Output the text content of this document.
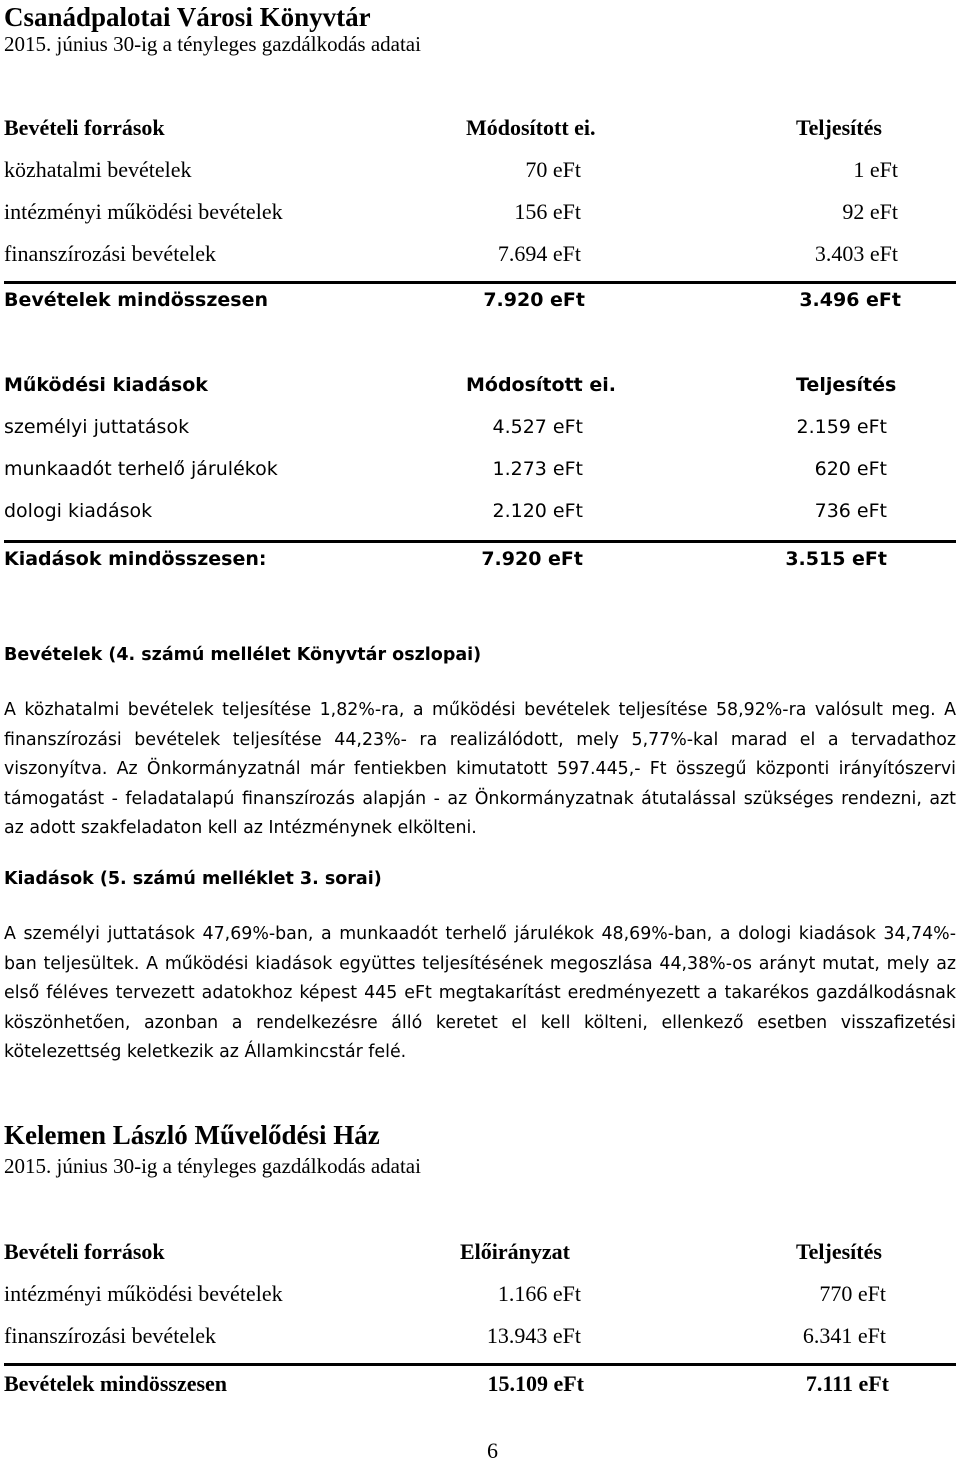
Csanádpalotai Városi Könyvtár
2015. június 30-ig a tényleges gazdálkodás adatai
Bevételi források	Módosított ei.	Teljesítés
közhatalmi bevételek	70 eFt	1 eFt
intézményi működési bevételek	156 eFt	92 eFt
finanszírozási bevételek	7.694 eFt	3.403 eFt
Bevételek mindösszesen	7.920 eFt	3.496 eFt
Működési kiadások	Módosított ei.	Teljesítés
személyi juttatások	4.527 eFt	2.159 eFt
munkaadót terhelő járulékok	1.273 eFt	620 eFt
dologi kiadások	2.120 eFt	736 eFt
Kiadások mindösszesen:	7.920 eFt	3.515 eFt
Bevételek (4. számú mellélet Könyvtár oszlopai)

A közhatalmi bevételek teljesítése 1,82%-ra, a működési bevételek teljesítése 58,92%-ra valósult meg. A finanszírozási bevételek teljesítése 44,23%- ra realizálódott, mely 5,77%-kal marad el a tervadathoz viszonyítva. Az Önkormányzatnál már fentiekben kimutatott 597.445,- Ft összegű központi irányítószervi támogatást - feladatalapú finanszírozás alapján - az Önkormányzatnak átutalással szükséges rendezni, azt az adott szakfeladaton kell az Intézménynek elkölteni.

Kiadások (5. számú melléklet 3. sorai)

A személyi juttatások 47,69%-ban, a munkaadót terhelő járulékok 48,69%-ban, a dologi kiadások 34,74%-ban teljesültek. A működési kiadások együttes teljesítésének megoszlása 44,38%-os arányt mutat, mely az első féléves tervezett adatokhoz képest 445 eFt megtakarítást eredményezett a takarékos gazdálkodásnak köszönhetően, azonban a rendelkezésre álló keretet el kell költeni, ellenkező esetben visszafizetési kötelezettség keletkezik az Államkincstár felé.

Kelemen László Művelődési Ház
2015. június 30-ig a tényleges gazdálkodás adatai
Bevételi források	Előirányzat	Teljesítés
intézményi működési bevételek	1.166 eFt	770 eFt
finanszírozási bevételek	13.943 eFt	6.341 eFt
Bevételek mindösszesen	15.109 eFt	7.111 eFt
6
